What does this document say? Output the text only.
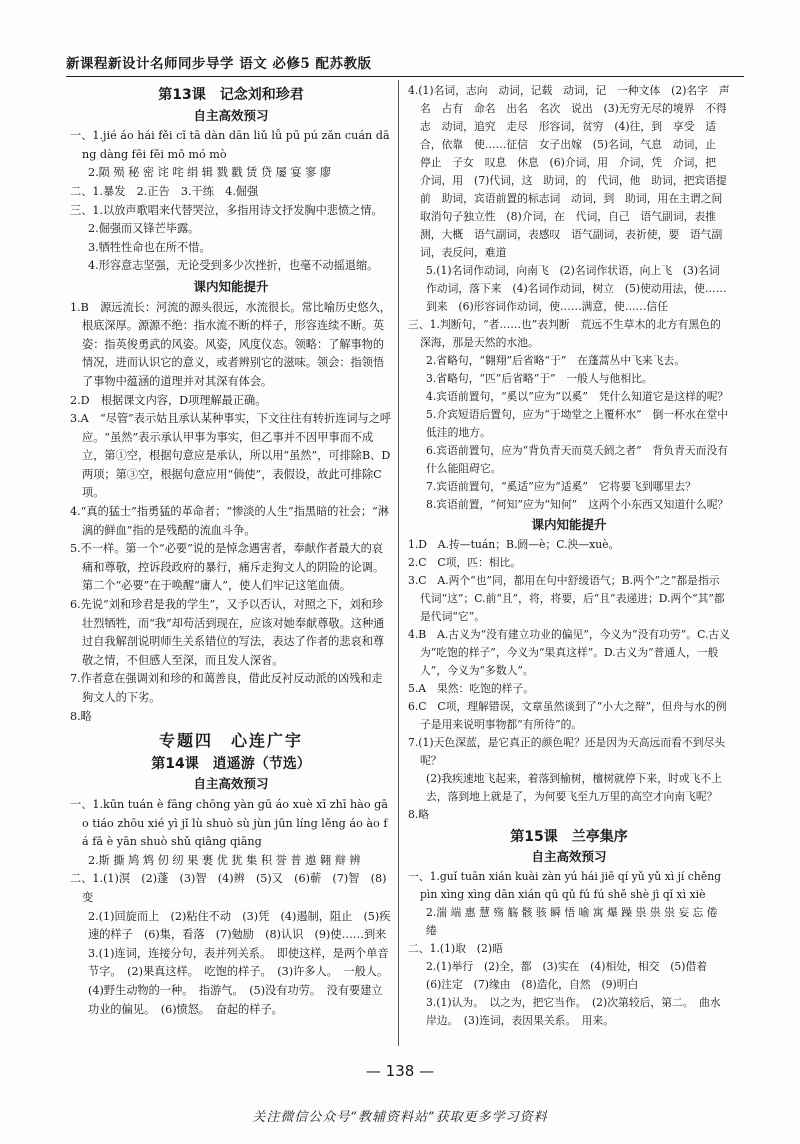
新课程新设计名师同步导学 语文 必修5 配苏教版
第13课　记念刘和珍君
自主高效预习
一、1.jié áo hái fěi cǐ tā dàn dān liǔ lǚ pū pú zǎn cuán dāng dàng fēi fěi mō mó mò
2.陨 殒 秘 密 诧 咤 绢 辑 戮 戳 赁 贷 屡 宴 寥 廖
二、1.暴发　2.正告　3.干练　4.倔强
三、1.以放声歌唱来代替哭泣，多指用诗文抒发胸中悲愤之情。
2.倔强而又锋芒毕露。
3.牺牲性命也在所不惜。
4.形容意志坚强，无论受到多少次挫折，也毫不动摇退缩。
课内知能提升
1.B　源远流长：河流的源头很远，水流很长。常比喻历史悠久，根底深厚。源源不绝：指水流不断的样子，形容连续不断。英姿：指英俊勇武的风姿。风姿，风度仪态。领略：了解事物的情况，进而认识它的意义，或者辨别它的滋味。领会：指领悟了事物中蕴涵的道理并对其深有体会。
2.D　根据课文内容，D项理解最正确。
3.A　“尽管”表示姑且承认某种事实，下文往往有转折连词与之呼应。“虽然”表示承认甲事为事实，但乙事并不因甲事而不成立，第①空，根据句意应是承认，所以用“虽然”，可排除B、D两项；第③空，根据句意应用“倘使”，表假设，故此可排除C项。
4.“真的猛士”指勇猛的革命者；“惨淡的人生”指黑暗的社会；“淋漓的鲜血”指的是残酷的流血斗争。
5.不一样。第一个“必要”说的是悼念遇害者，奉献作者最大的哀痛和尊敬，控诉段政府的暴行，痛斥走狗文人的阴险的论调。第二个“必要”在于唤醒“庸人”，使人们牢记这笔血债。
6.先说“刘和珍君是我的学生”，又予以否认，对照之下，刘和珍壮烈牺牲，而“我”却苟活到现在，应该对她奉献尊敬。这种通过自我解剖说明师生关系错位的写法，表达了作者的悲哀和尊敬之情，不但感人至深，而且发人深省。
7.作者意在强调刘和珍的和蔼善良，借此反衬反动派的凶残和走狗文人的下劣。
8.略
专题四　心连广宇
第14课　逍遥游（节选）
自主高效预习
一、1.kūn tuán è fāng chōng yàn gū áo xuè xī zhī hào gāo tiáo zhōu xié yì jǐ lù shuò sù jùn jūn líng lěng áo ào fá fā è yān shuò shǔ qiāng qiāng
2.斯 撕 鸠 鸩 仞 纫 果 裹 优 犹 集 积 誉 普 遨 翱 辩 辨
二、1.(1)溟　(2)蓬　(3)智　(4)辨　(5)又　(6)蕲　(7)智　(8)变
2.(1)回旋而上　(2)粘住不动　(3)凭　(4)遏制，阻止　(5)疾速的样子　(6)集，看落　(7)勉励　(8)认识　(9)使……到来
3.(1)连词，连接分句，表并列关系。　即使这样，是两个单音节字。　(2)果真这样。　吃饱的样子。　(3)许多人。　一般人。　(4)野生动物的一种。　指游气。　(5)没有功劳。　没有要建立功业的偏见。　(6)愤怒。　奋起的样子。
4.(1)名词，志向　动词，记载　动词，记　一种文体　(2)名字　声名　占有　命名　出名　名次　说出　(3)无穷无尽的境界　不得志　动词，追究　走尽　形容词，贫穷　(4)往，到　享受　适合，依靠　使……征信　女子出嫁　(5)名词，气息　动词，止　停止　子女　叹息　休息　(6)介词，用　介词，凭　介词，把　介词，用　(7)代词，这　助词，的　代词，他　助词，把宾语提前　助词，宾语前置的标志词　动词，到　助词，用在主谓之间取消句子独立性　(8)介词，在　代词，自己　语气副词，表推测，大概　语气副词，表感叹　语气副词，表祈使，要　语气副词，表反问，难道
5.(1)名词作动词，向南飞　(2)名词作状语，向上飞　(3)名词作动词，落下来　(4)名词作动词，树立　(5)使动用法，使……到来　(6)形容词作动词，使……满意，使……信任
三、1.判断句，“者……也”表判断　荒远不生草木的北方有黑色的深海，那是天然的水池。
2.省略句，“翱翔”后省略“于”　在蓬蒿丛中飞来飞去。
3.省略句，“匹”后省略“于”　一般人与他相比。
4.宾语前置句，“奚以”应为“以奚”　凭什么知道它是这样的呢？
5.介宾短语后置句，应为“于坳堂之上覆杯水”　倒一杯水在堂中低洼的地方。
6.宾语前置句，应为“背负青天而莫夭阏之者”　背负青天而没有什么能阻碍它。
7.宾语前置句，“奚适”应为“适奚”　它将要飞到哪里去？
8.宾语前置，“何知”应为“知何”　这两个小东西又知道什么呢？
课内知能提升
1.D　A.抟—tuán；B.阏—è；C.泱—xuè。
2.C　C项，匹：相比。
3.C　A.两个“也”同，都用在句中舒缓语气；B.两个“之”都是指示代词“这”；C.前“且”，将，将要，后“且”表递进；D.两个“其”都是代词“它”。
4.B　A.古义为“没有建立功业的偏见”，今义为“没有功劳”。C.古义为“吃饱的样子”，今义为“果真这样”。D.古义为“普通人，一般人”，今义为“多数人”。
5.A　果然：吃饱的样子。
6.C　C项，理解错误，文章虽然谈到了“小大之辩”，但舟与水的例子是用来说明事物都“有所待”的。
7.(1)天色深蓝，是它真正的颜色呢？还是因为天高远而看不到尽头呢？
(2)我疾速地飞起来，着落到榆树，檀树就停下来，时或飞不上去，落到地上就是了，为何要飞至九万里的高空才向南飞呢？
8.略
第15课　兰亭集序
自主高效预习
一、1.guǐ tuān xián kuài zàn yú hái jiē qí yǔ yǔ xì jí chěng pìn xìng xìng dān xián qū qǔ fú fú shě shè jì qǐ xì xiè
2.湍 端 惠 慧 殇 觞 骸 骇 瞬 悟 喻 寓 爆 躁 祟 祟 祟 妄 忘 倦 绻
二、1.(1)取　(2)晤
2.(1)举行　(2)全，都　(3)实在　(4)相处，相交　(5)借着　(6)注定　(7)缘由　(8)造化，自然　(9)明白
3.(1)认为。　以之为，把它当作。　(2)次第较后，第二。　曲水岸边。　(3)连词，表因果关系。　用来。
— 138 —
关注微信公众号“教辅资料站”获取更多学习资料
